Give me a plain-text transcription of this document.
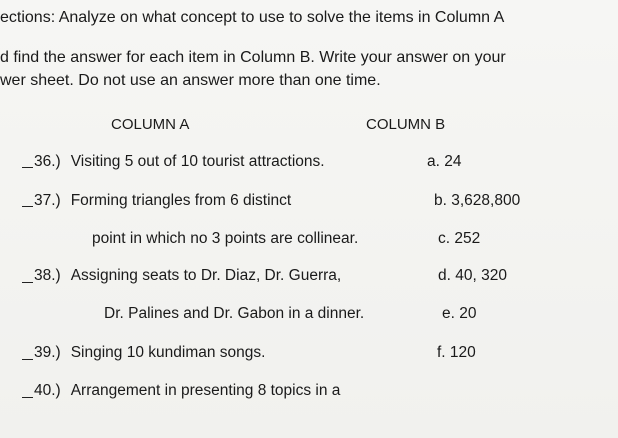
ections: Analyze on what concept to use to solve the items in Column A
d find the answer for each item in Column B. Write your answer on your
wer sheet. Do not use an answer more than one time.
COLUMN A	COLUMN B
36.) Visiting 5 out of 10 tourist attractions.	a. 24
37.) Forming triangles from 6 distinct	b. 3,628,800
point in which no 3 points are collinear.	c. 252
38.) Assigning seats to Dr. Diaz, Dr. Guerra,	d. 40, 320
Dr. Palines and Dr. Gabon in a dinner.	e. 20
39.) Singing 10 kundiman songs.	f. 120
40.) Arrangement in presenting 8 topics in a
